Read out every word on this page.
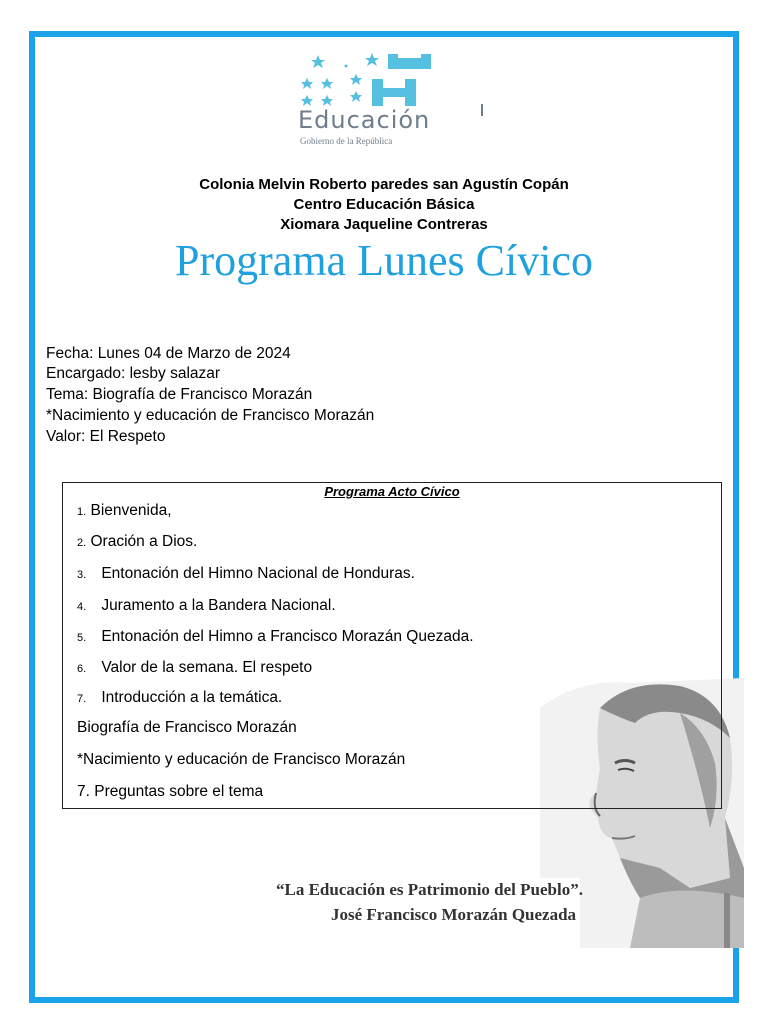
Educación
Gobierno de la República
Colonia Melvin Roberto paredes san Agustín Copán
Centro Educación Básica
Xiomara Jaqueline Contreras
Programa Lunes Cívico
Fecha: Lunes 04 de Marzo de 2024
Encargado: lesby salazar
Tema: Biografía de Francisco Morazán
*Nacimiento y educación de Francisco Morazán
Valor: El Respeto
Programa Acto Cívico
1. Bienvenida,
2. Oración a Dios.
3. Entonación del Himno Nacional de Honduras.
4. Juramento a la Bandera Nacional.
5. Entonación del Himno a Francisco Morazán Quezada.
6. Valor de la semana. El respeto
7. Introducción a la temática.
Biografía de Francisco Morazán
*Nacimiento y educación de Francisco Morazán
7. Preguntas sobre el tema
“La Educación es Patrimonio del Pueblo”.
José Francisco Morazán Quezada
